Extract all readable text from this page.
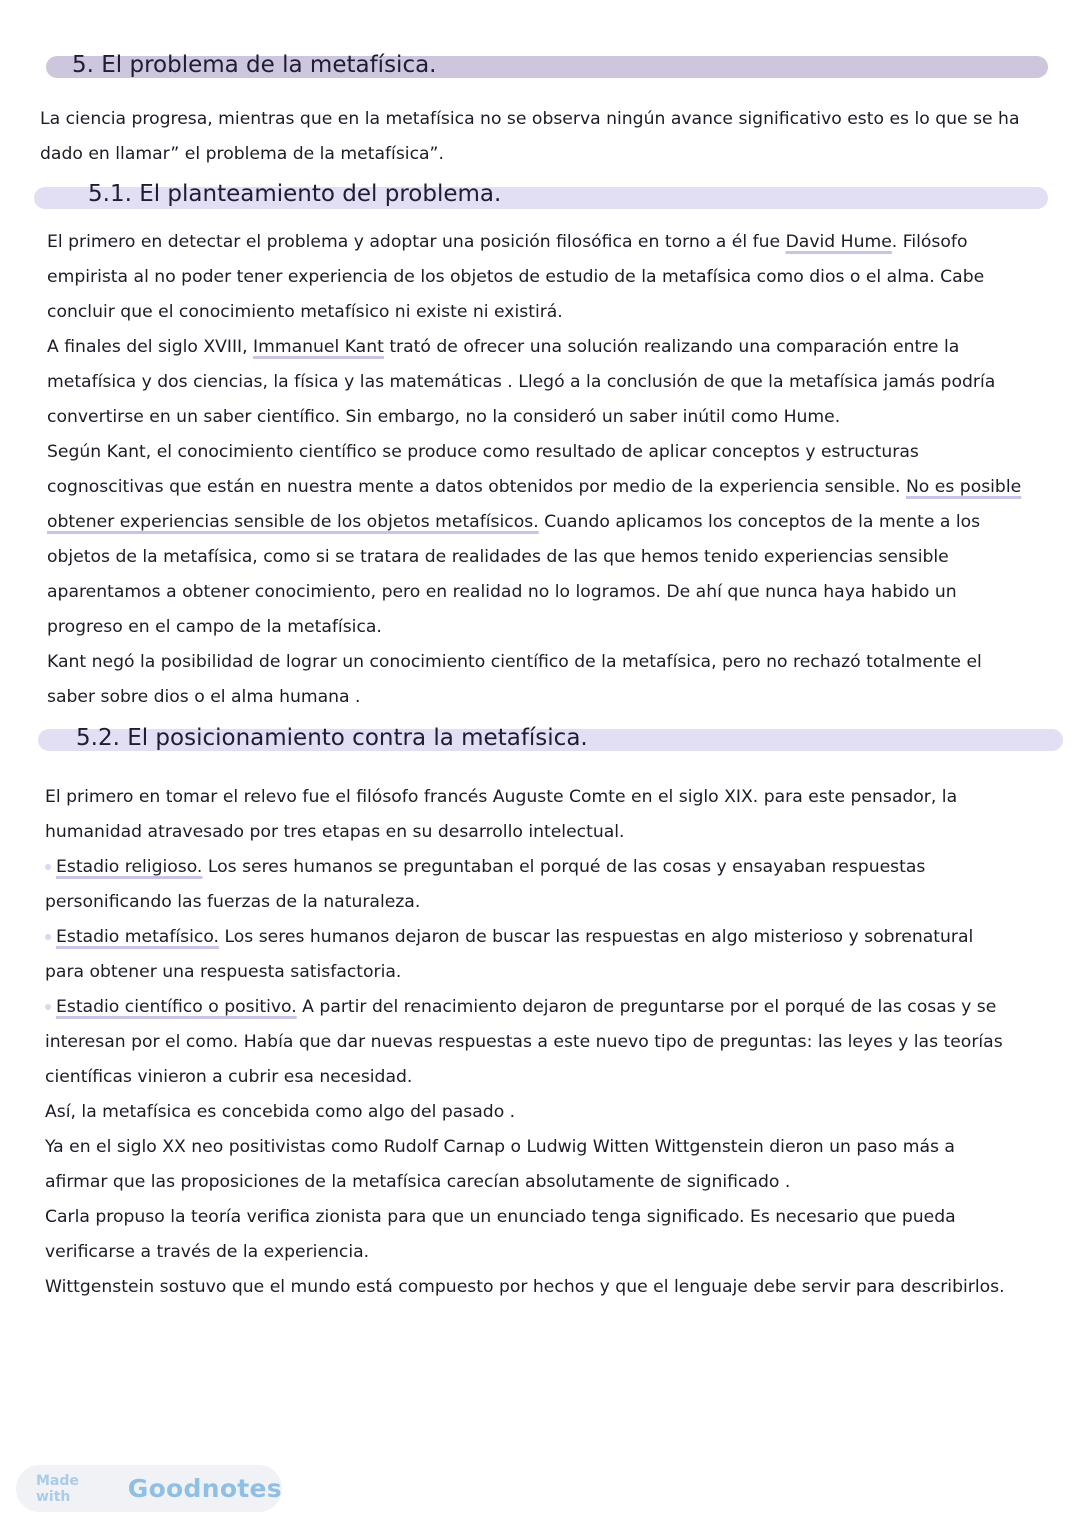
5. El problema de la metafísica.

La ciencia progresa, mientras que en la metafísica no se observa ningún avance significativo esto es lo que se ha

dado en llamar” el problema de la metafísica”.

5.1. El planteamiento del problema.

El primero en detectar el problema y adoptar una posición filosófica en torno a él fue David Hume. Filósofo

empirista al no poder tener experiencia de los objetos de estudio de la metafísica como dios o el alma. Cabe

concluir que el conocimiento metafísico ni existe ni existirá.

A finales del siglo XVIII, Immanuel Kant trató de ofrecer una solución realizando una comparación entre la

metafísica y dos ciencias, la física y las matemáticas . Llegó a la conclusión de que la metafísica jamás podría

convertirse en un saber científico. Sin embargo, no la consideró un saber inútil como Hume.

Según Kant, el conocimiento científico se produce como resultado de aplicar conceptos y estructuras

cognoscitivas que están en nuestra mente a datos obtenidos por medio de la experiencia sensible. No es posible

obtener experiencias sensible de los objetos metafísicos. Cuando aplicamos los conceptos de la mente a los

objetos de la metafísica, como si se tratara de realidades de las que hemos tenido experiencias sensible

aparentamos a obtener conocimiento, pero en realidad no lo logramos. De ahí que nunca haya habido un

progreso en el campo de la metafísica.

Kant negó la posibilidad de lograr un conocimiento científico de la metafísica, pero no rechazó totalmente el

saber sobre dios o el alma humana .

5.2. El posicionamiento contra la metafísica.

El primero en tomar el relevo fue el filósofo francés Auguste Comte en el siglo XIX. para este pensador, la

humanidad atravesado por tres etapas en su desarrollo intelectual.

Estadio religioso. Los seres humanos se preguntaban el porqué de las cosas y ensayaban respuestas

personificando las fuerzas de la naturaleza.

Estadio metafísico. Los seres humanos dejaron de buscar las respuestas en algo misterioso y sobrenatural

para obtener una respuesta satisfactoria.

Estadio científico o positivo. A partir del renacimiento dejaron de preguntarse por el porqué de las cosas y se

interesan por el como. Había que dar nuevas respuestas a este nuevo tipo de preguntas: las leyes y las teorías

científicas vinieron a cubrir esa necesidad.

Así, la metafísica es concebida como algo del pasado .

Ya en el siglo XX neo positivistas como Rudolf Carnap o Ludwig Witten Wittgenstein dieron un paso más a

afirmar que las proposiciones de la metafísica carecían absolutamente de significado .

Carla propuso la teoría verifica zionista para que un enunciado tenga significado. Es necesario que pueda

verificarse a través de la experiencia.

Wittgenstein sostuvo que el mundo está compuesto por hechos y que el lenguaje debe servir para describirlos.

Made with	Goodnotes
